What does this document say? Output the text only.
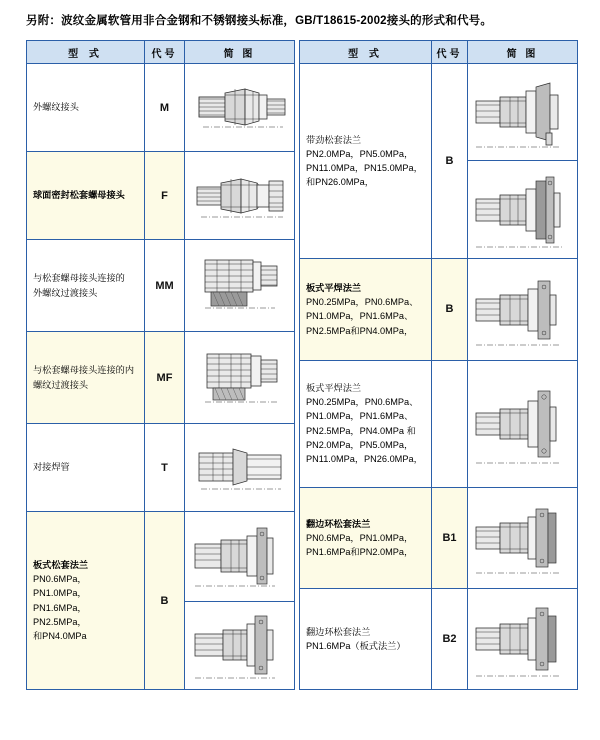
另附：波纹金属软管用非合金钢和不锈钢接头标准，GB/T18615-2002接头的形式和代号。
型 式	代号	简 图

外螺纹接头	M	

球面密封松套螺母接头	F	

与松套螺母接头连接的
外螺纹过渡接头	MM	

与松套螺母接头连接的内
螺纹过渡接头	MF	

对接焊管	T	

板式松套法兰
PN0.6MPa，PN1.0MPa，
PN1.6MPa，PN2.5MPa，
和PN4.0MPa	B	

型 式	代号	简 图

带劲松套法兰
PN2.0MPa，PN5.0MPa，
PN11.0MPa，PN15.0MPa，
和PN26.0MPa，	B	

板式平焊法兰
PN0.25MPa，PN0.6MPa、
PN1.0MPa，PN1.6MPa、
PN2.5MPa和PN4.0MPa，	B	

板式平焊法兰
PN0.25MPa，PN0.6MPa、
PN1.0MPa，PN1.6MPa、
PN2.5MPa，PN4.0MPa 和
PN2.0MPa，PN5.0MPa，
PN11.0MPa，PN26.0MPa，

翻边环松套法兰
PN0.6MPa，PN1.0MPa，
PN1.6MPa和PN2.0MPa，	B1	

翻边环松套法兰
PN1.6MPa（板式法兰）	B2	
